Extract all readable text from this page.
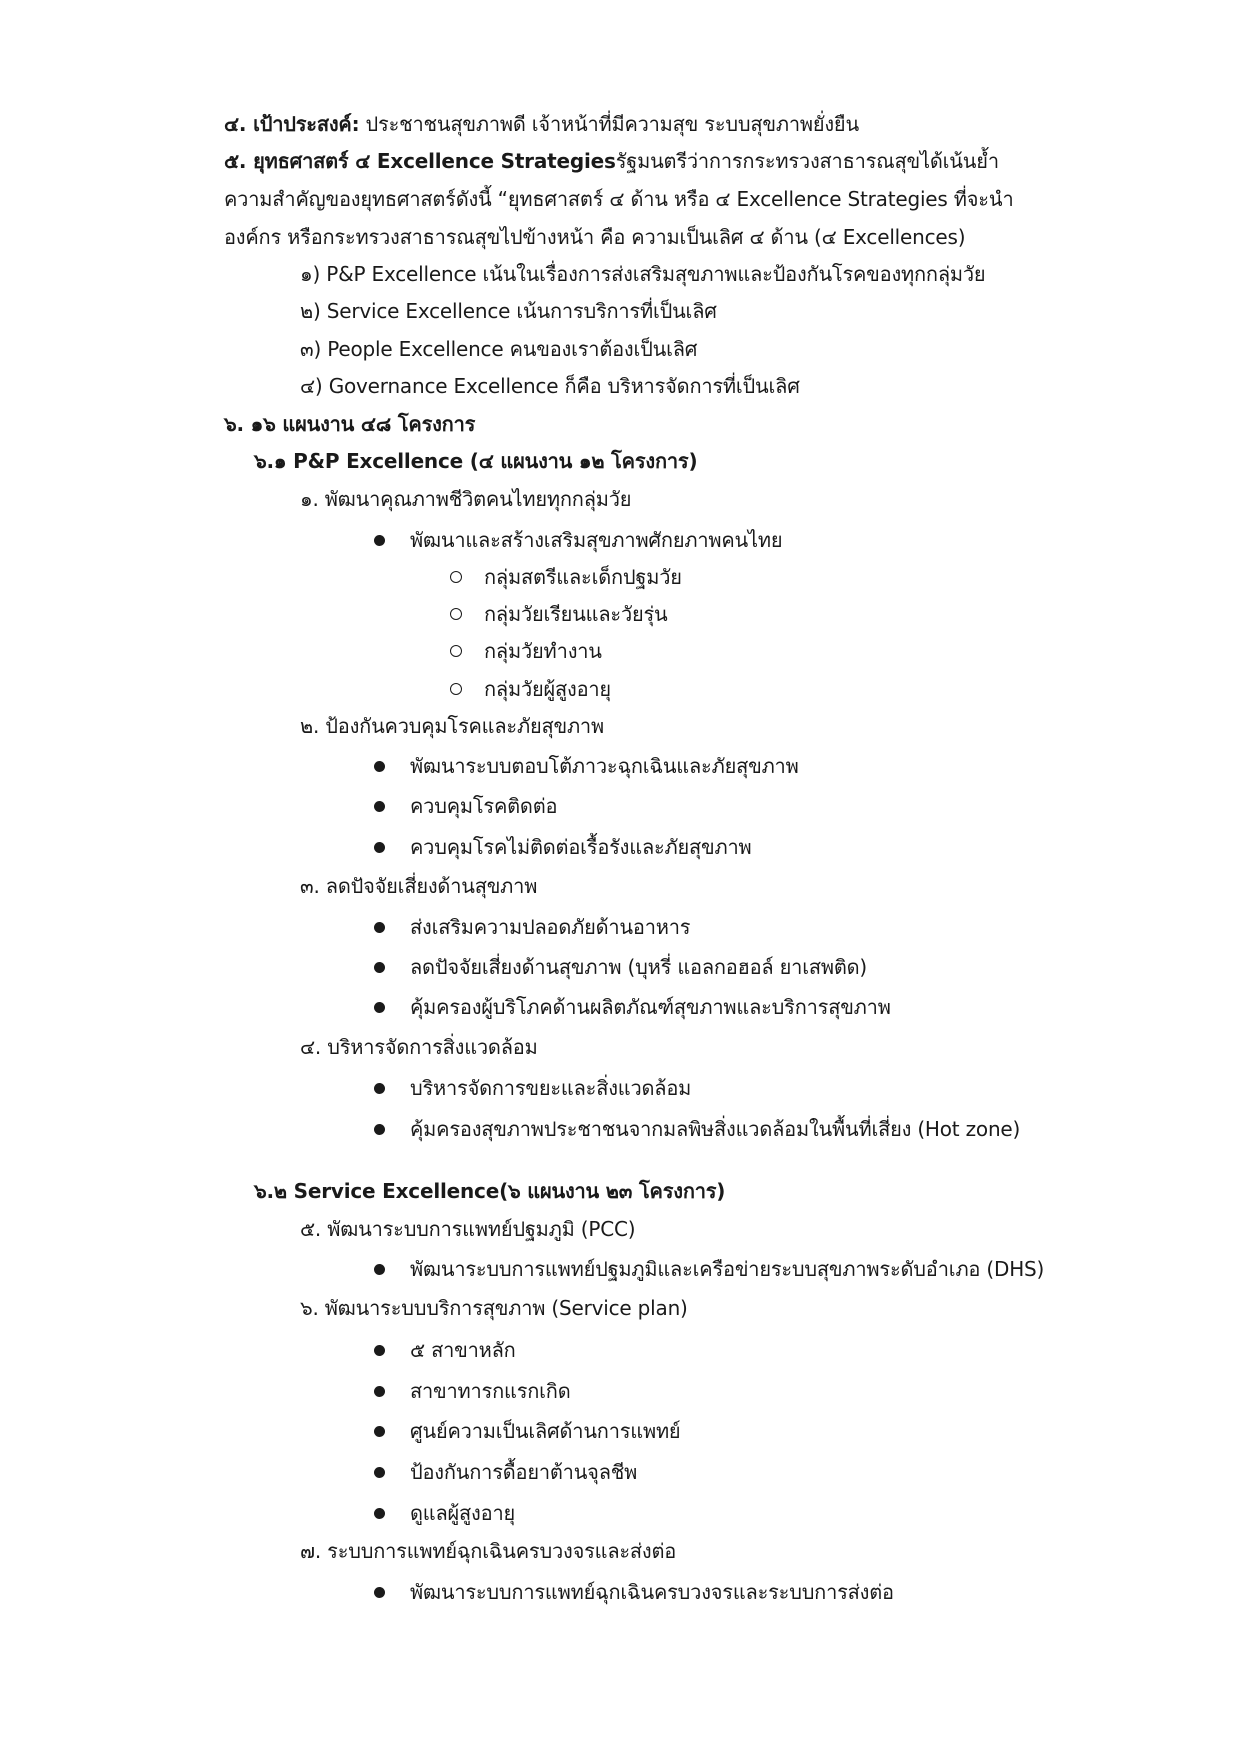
๔. เป้าประสงค์: ประชาชนสุขภาพดี เจ้าหน้าที่มีความสุข ระบบสุขภาพยั่งยืน
๕. ยุทธศาสตร์ ๔ Excellence Strategiesรัฐมนตรีว่าการกระทรวงสาธารณสุขได้เน้นย้ำ
ความสำคัญของยุทธศาสตร์ดังนี้ “ยุทธศาสตร์ ๔ ด้าน หรือ ๔ Excellence Strategies ที่จะนำ
องค์กร หรือกระทรวงสาธารณสุขไปข้างหน้า คือ ความเป็นเลิศ ๔ ด้าน (๔ Excellences)
๑) P&P Excellence เน้นในเรื่องการส่งเสริมสุขภาพและป้องกันโรคของทุกกลุ่มวัย
๒) Service Excellence เน้นการบริการที่เป็นเลิศ
๓) People Excellence คนของเราต้องเป็นเลิศ
๔) Governance Excellence ก็คือ บริหารจัดการที่เป็นเลิศ
๖. ๑๖ แผนงาน ๔๘ โครงการ
๖.๑ P&P Excellence (๔ แผนงาน ๑๒ โครงการ)
๑. พัฒนาคุณภาพชีวิตคนไทยทุกกลุ่มวัย
พัฒนาและสร้างเสริมสุขภาพศักยภาพคนไทย
กลุ่มสตรีและเด็กปฐมวัย
กลุ่มวัยเรียนและวัยรุ่น
กลุ่มวัยทำงาน
กลุ่มวัยผู้สูงอายุ
๒. ป้องกันควบคุมโรคและภัยสุขภาพ
พัฒนาระบบตอบโต้ภาวะฉุกเฉินและภัยสุขภาพ
ควบคุมโรคติดต่อ
ควบคุมโรคไม่ติดต่อเรื้อรังและภัยสุขภาพ
๓. ลดปัจจัยเสี่ยงด้านสุขภาพ
ส่งเสริมความปลอดภัยด้านอาหาร
ลดปัจจัยเสี่ยงด้านสุขภาพ (บุหรี่ แอลกอฮอล์ ยาเสพติด)
คุ้มครองผู้บริโภคด้านผลิตภัณฑ์สุขภาพและบริการสุขภาพ
๔. บริหารจัดการสิ่งแวดล้อม
บริหารจัดการขยะและสิ่งแวดล้อม
คุ้มครองสุขภาพประชาชนจากมลพิษสิ่งแวดล้อมในพื้นที่เสี่ยง (Hot zone)
๖.๒ Service Excellence(๖ แผนงาน ๒๓ โครงการ)
๕. พัฒนาระบบการแพทย์ปฐมภูมิ (PCC)
พัฒนาระบบการแพทย์ปฐมภูมิและเครือข่ายระบบสุขภาพระดับอำเภอ (DHS)
๖. พัฒนาระบบบริการสุขภาพ (Service plan)
๕ สาขาหลัก
สาขาทารกแรกเกิด
ศูนย์ความเป็นเลิศด้านการแพทย์
ป้องกันการดื้อยาต้านจุลชีพ
ดูแลผู้สูงอายุ
๗. ระบบการแพทย์ฉุกเฉินครบวงจรและส่งต่อ
พัฒนาระบบการแพทย์ฉุกเฉินครบวงจรและระบบการส่งต่อ
